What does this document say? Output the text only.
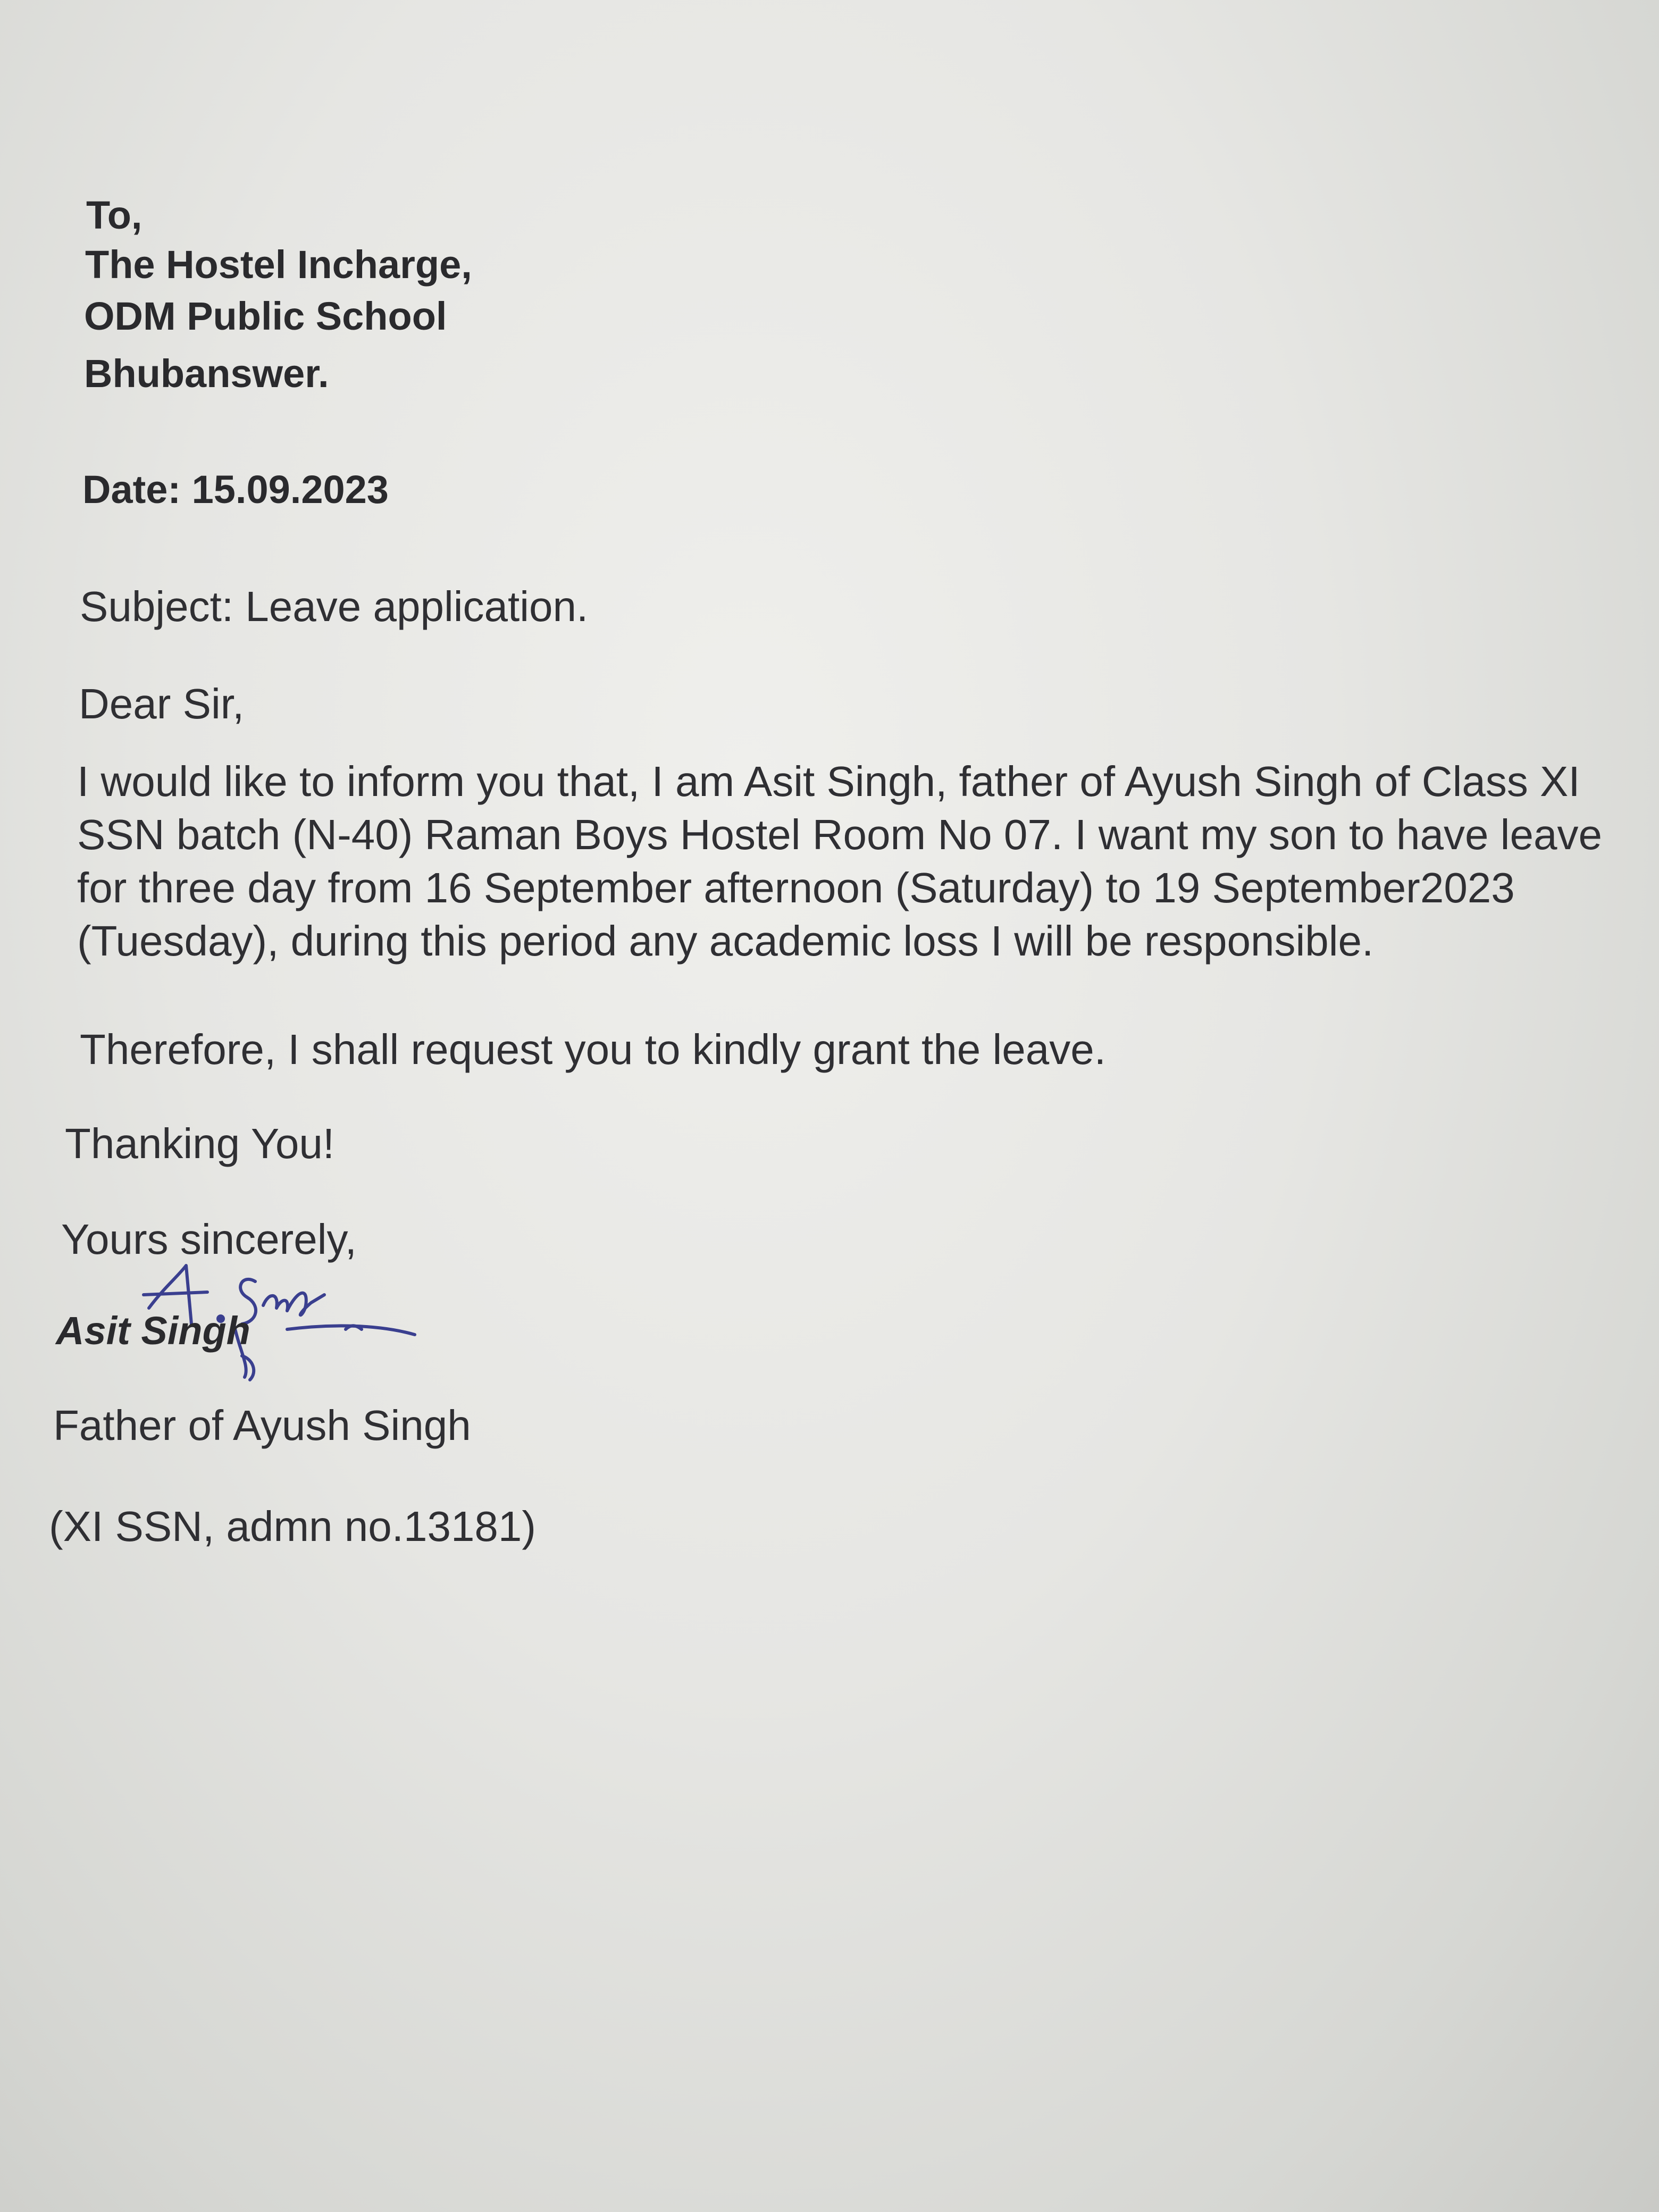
To,

The Hostel Incharge,

ODM Public School

Bhubanswer.

Date: 15.09.2023

Subject: Leave application.

Dear Sir,

I would like to inform you that, I am Asit Singh, father of Ayush Singh of Class XI
SSN batch (N-40) Raman Boys Hostel Room No 07. I want my son to have leave
for three day from 16 September afternoon (Saturday) to 19 September2023
(Tuesday), during this period any academic loss I will be responsible.

Therefore, I shall request you to kindly grant the leave.

Thanking You!

Yours sincerely,

Asit Singh

Father of Ayush Singh

(XI SSN, admn no.13181)
